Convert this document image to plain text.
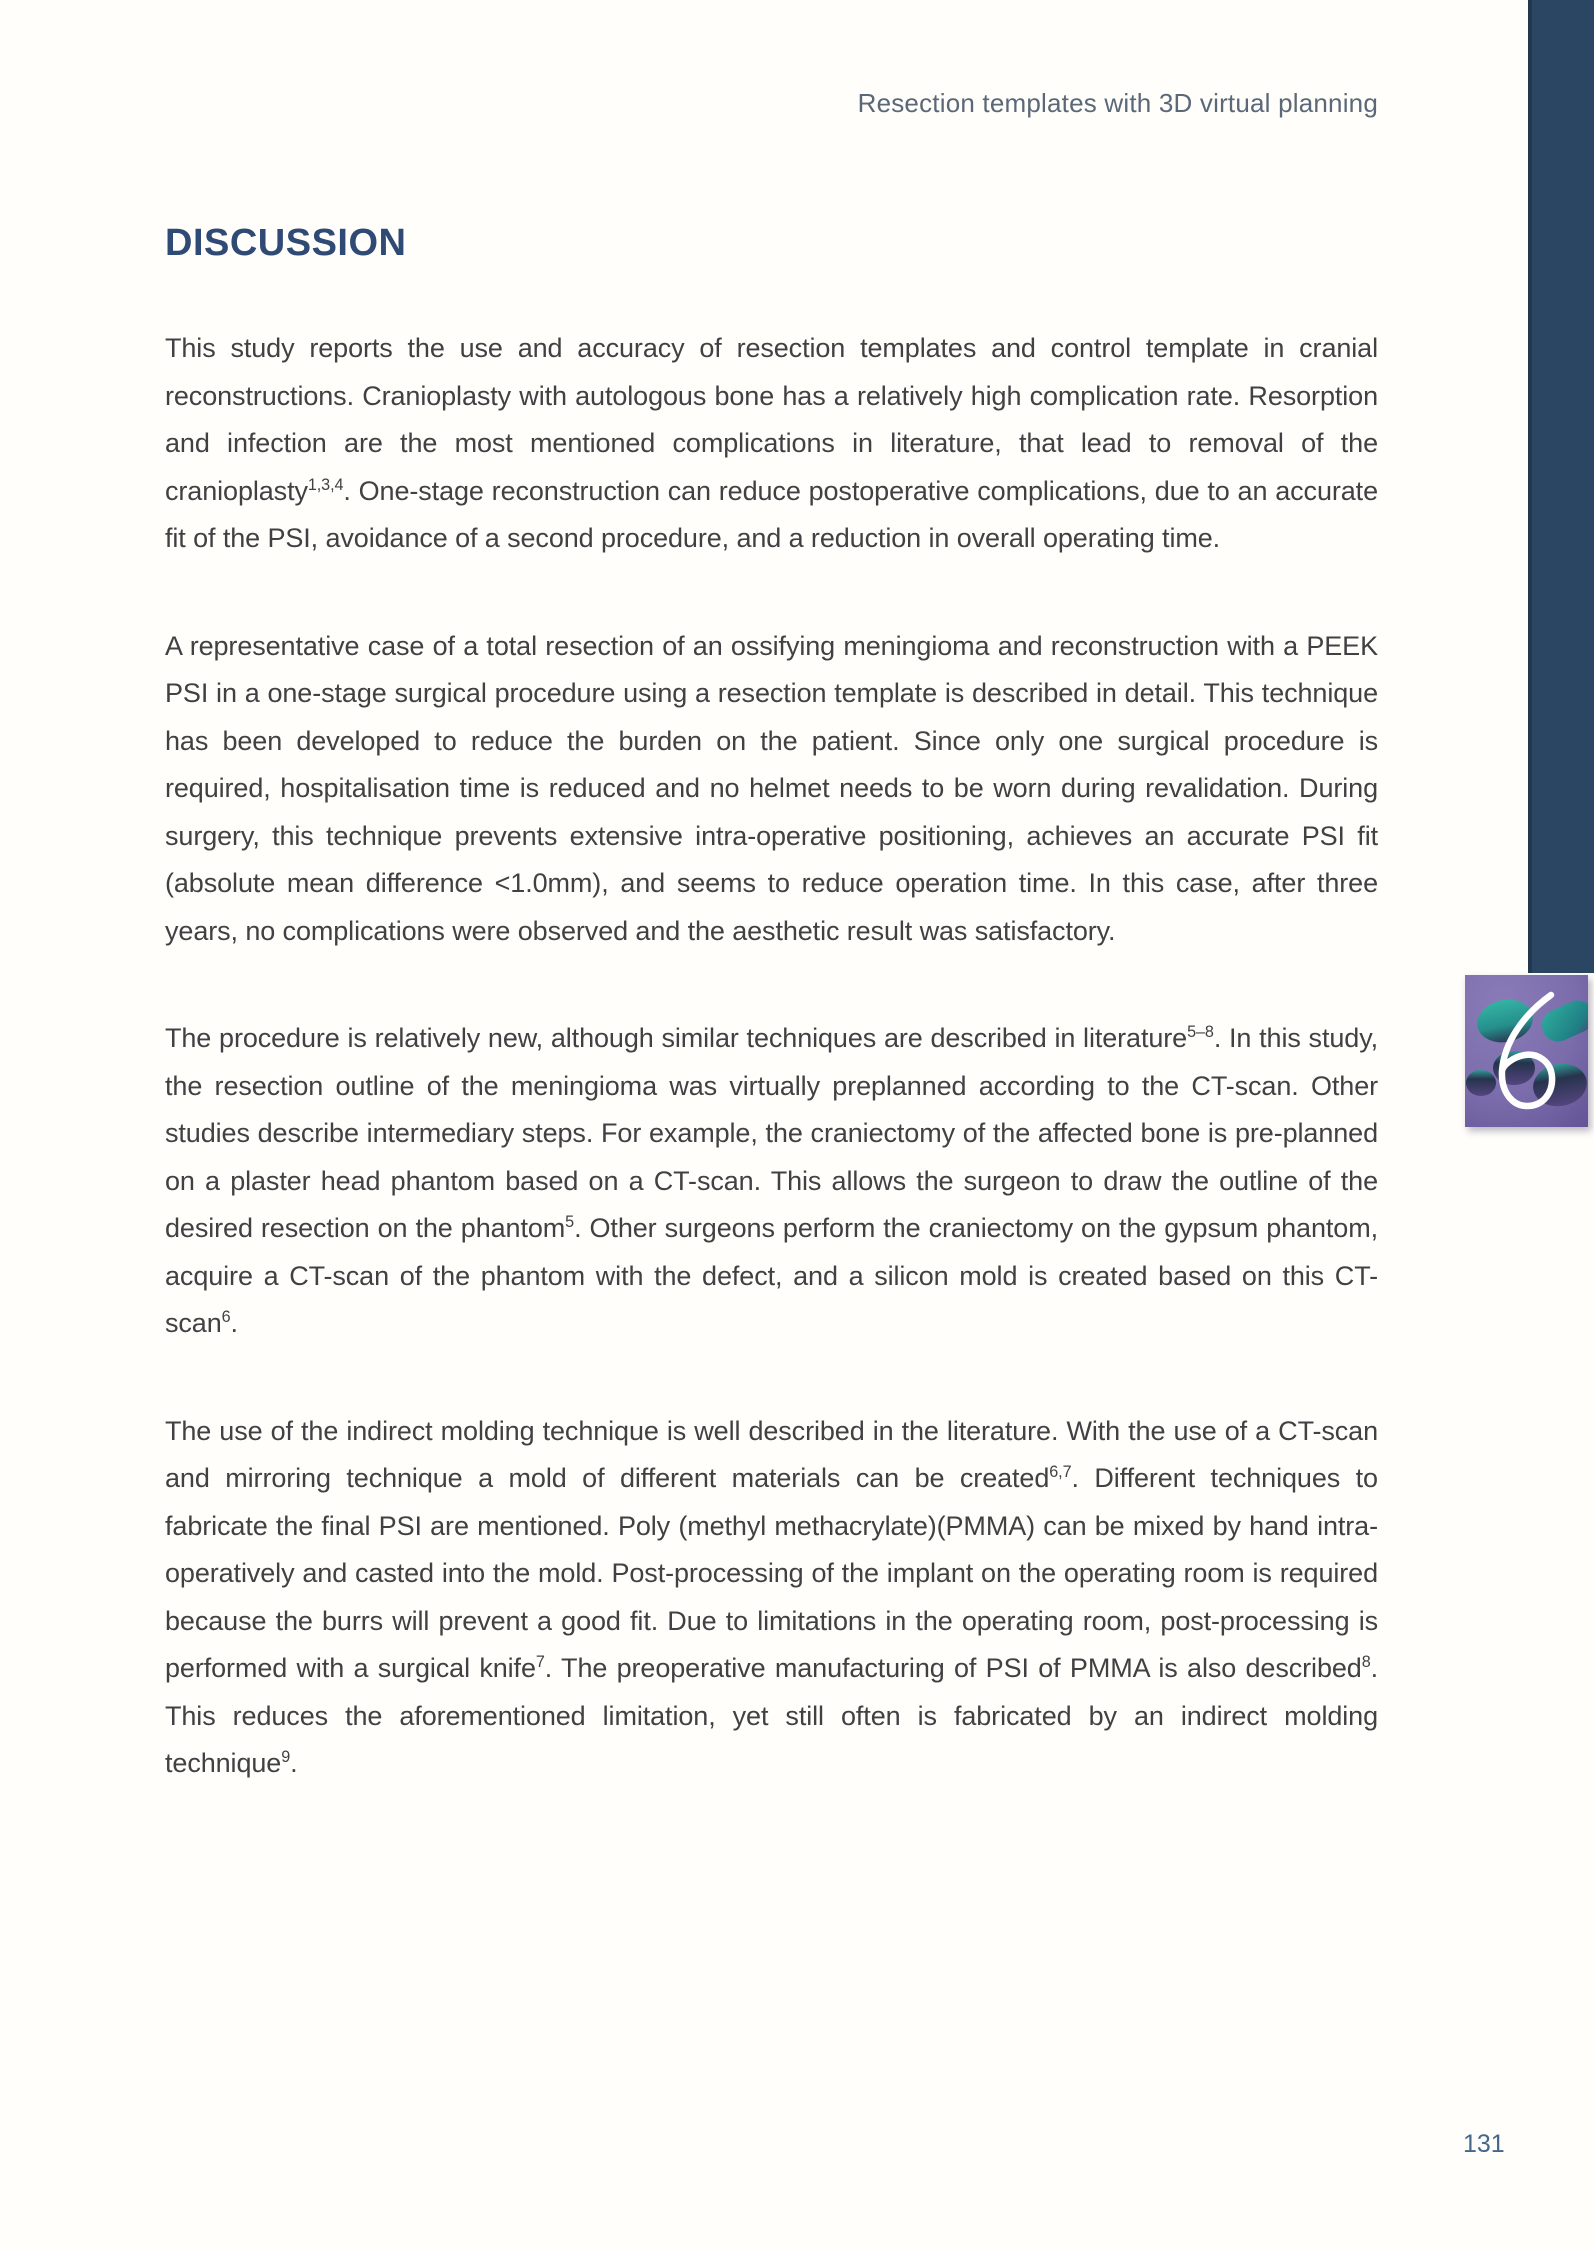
Resection templates with 3D virtual planning
DISCUSSION

This study reports the use and accuracy of resection templates and control template in cranial reconstructions. Cranioplasty with autologous bone has a relatively high complication rate. Resorption and infection are the most mentioned complications in literature, that lead to removal of the cranioplasty$^{1,3,4}$. One-stage reconstruction can reduce postoperative complications, due to an accurate fit of the PSI, avoidance of a second procedure, and a reduction in overall operating time.

A representative case of a total resection of an ossifying meningioma and reconstruction with a PEEK PSI in a one-stage surgical procedure using a resection template is described in detail. This technique has been developed to reduce the burden on the patient. Since only one surgical procedure is required, hospitalisation time is reduced and no helmet needs to be worn during revalidation. During surgery, this technique prevents extensive intra-operative positioning, achieves an accurate PSI fit (absolute mean difference <1.0mm), and seems to reduce operation time. In this case, after three years, no complications were observed and the aesthetic result was satisfactory.

The procedure is relatively new, although similar techniques are described in literature$^{5-8}$. In this study, the resection outline of the meningioma was virtually preplanned according to the CT-scan. Other studies describe intermediary steps. For example, the craniectomy of the affected bone is pre-planned on a plaster head phantom based on a CT-scan. This allows the surgeon to draw the outline of the desired resection on the phantom$^5$. Other surgeons perform the craniectomy on the gypsum phantom, acquire a CT-scan of the phantom with the defect, and a silicon mold is created based on this CT-scan$^6$.

The use of the indirect molding technique is well described in the literature. With the use of a CT-scan and mirroring technique a mold of different materials can be created$^{6,7}$. Different techniques to fabricate the final PSI are mentioned. Poly (methyl methacrylate)(PMMA) can be mixed by hand intra-operatively and casted into the mold. Post-processing of the implant on the operating room is required because the burrs will prevent a good fit. Due to limitations in the operating room, post-processing is performed with a surgical knife$^7$. The preoperative manufacturing of PSI of PMMA is also described$^8$. This reduces the aforementioned limitation, yet still often is fabricated by an indirect molding technique$^9$.

131
